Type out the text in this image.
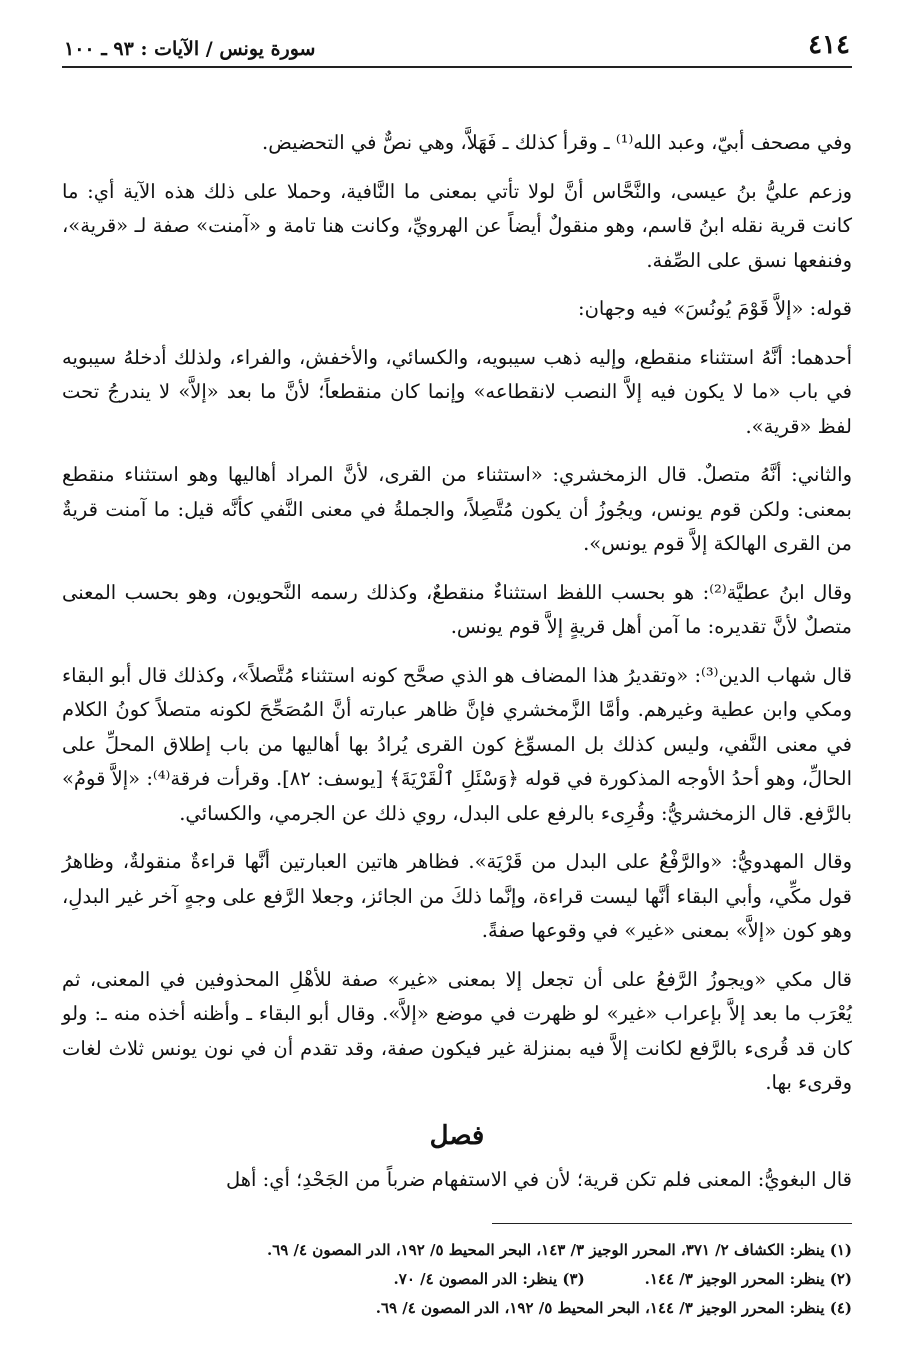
٤١٤
سورة يونس / الآيات : ٩٣ ـ ١٠٠

وفي مصحف أبيّ، وعبد الله⁽¹⁾ ـ وقرأ كذلك ـ فَهَلاَّ، وهي نصٌّ في التحضيض.

وزعم عليُّ بنُ عيسى، والنَّحَّاس أنَّ لولا تأتي بمعنى ما النَّافية، وحملا على ذلك هذه الآية أي: ما كانت قرية نقله ابنُ قاسم، وهو منقولٌ أيضاً عن الهرويِّ، وكانت هنا تامة و «آمنت» صفة لـ «قرية»، وفنفعها نسق على الصِّفة.

قوله: «إلاَّ قَوْمَ يُونُسَ» فيه وجهان:

أحدهما: أنَّهُ استثناء منقطع، وإليه ذهب سيبويه، والكسائي، والأخفش، والفراء، ولذلك أدخلهُ سيبويه في باب «ما لا يكون فيه إلاَّ النصب لانقطاعه» وإنما كان منقطعاً؛ لأنَّ ما بعد «إلاَّ» لا يندرجُ تحت لفظ «قرية».

والثاني: أنَّهُ متصلٌ. قال الزمخشري: «استثناء من القرى، لأنَّ المراد أهاليها وهو استثناء منقطع بمعنى: ولكن قوم يونس، ويجُوزُ أن يكون مُتَّصِلاً، والجملةُ في معنى النَّفي كأنَّه قيل: ما آمنت قريةٌ من القرى الهالكة إلاَّ قوم يونس».

وقال ابنُ عطيَّة⁽²⁾: هو بحسب اللفظ استثناءٌ منقطعٌ، وكذلك رسمه النَّحويون، وهو بحسب المعنى متصلٌ لأنَّ تقديره: ما آمن أهل قريةٍ إلاَّ قوم يونس.

قال شهاب الدين⁽³⁾: «وتقديرُ هذا المضاف هو الذي صحَّح كونه استثناء مُتَّصلاً»، وكذلك قال أبو البقاء ومكي وابن عطية وغيرهم. وأمَّا الزَّمخشري فإنَّ ظاهر عبارته أنَّ المُصَحِّحَ لكونه متصلاً كونُ الكلام في معنى النَّفي، وليس كذلك بل المسوِّغ كون القرى يُرادُ بها أهاليها من باب إطلاق المحلِّ على الحالِّ، وهو أحدُ الأوجه المذكورة في قوله ﴿وَسْئَلِ ٱلْقَرْيَةَ﴾ [يوسف: ٨٢]. وقرأت فرقة⁽⁴⁾: «إلاَّ قومُ» بالرَّفع. قال الزمخشريُّ: وقُرِىء بالرفع على البدل، روي ذلك عن الجرمي، والكسائي.

وقال المهدويُّ: «والرَّفْعُ على البدل من قَرْيَة». فظاهر هاتين العبارتين أنَّها قراءةٌ منقولةٌ، وظاهرُ قول مكِّي، وأبي البقاء أنَّها ليست قراءة، وإنَّما ذلكَ من الجائز، وجعلا الرَّفع على وجهٍ آخر غير البدلِ، وهو كون «إلاَّ» بمعنى «غير» في وقوعها صفةً.

قال مكي «ويجوزُ الرَّفعُ على أن تجعل إلا بمعنى «غير» صفة للأهْلِ المحذوفين في المعنى، ثم يُعْرَب ما بعد إلاَّ بإعراب «غير» لو ظهرت في موضع «إلاَّ». وقال أبو البقاء ـ وأظنه أخذه منه ـ: ولو كان قد قُرىء بالرَّفع لكانت إلاَّ فيه بمنزلة غير فيكون صفة، وقد تقدم أن في نون يونس ثلاث لغات وقرىء بها.

فصل

قال البغويُّ: المعنى فلم تكن قرية؛ لأن في الاستفهام ضرباً من الجَحْدِ؛ أي: أهل

(١) ينظر: الكشاف ٢/ ٣٧١، المحرر الوجيز ٣/ ١٤٣، البحر المحيط ٥/ ١٩٢، الدر المصون ٤/ ٦٩.
(٢) ينظر: المحرر الوجيز ٣/ ١٤٤.
(٣) ينظر: الدر المصون ٤/ ٧٠.
(٤) ينظر: المحرر الوجيز ٣/ ١٤٤، البحر المحيط ٥/ ١٩٢، الدر المصون ٤/ ٦٩.
